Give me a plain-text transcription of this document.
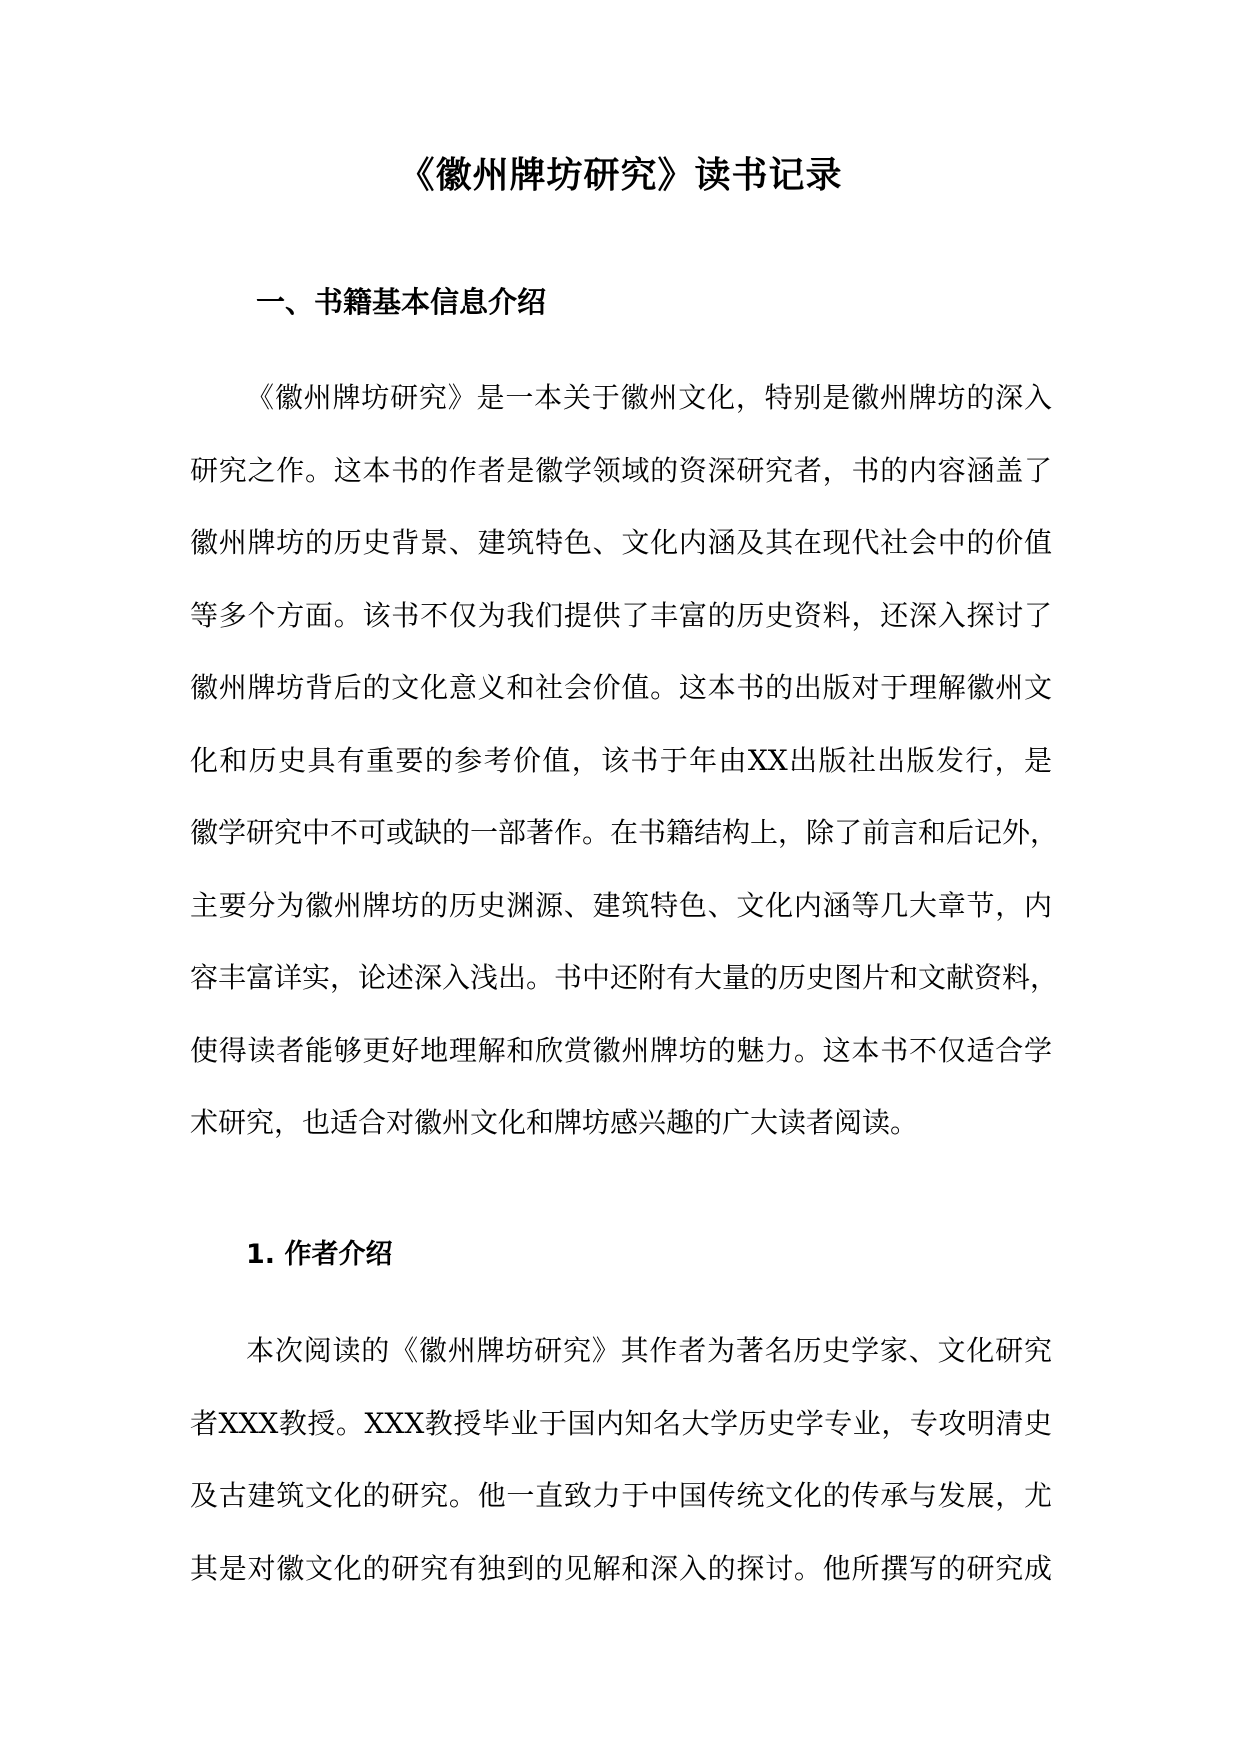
《徽州牌坊研究》读书记录
一、书籍基本信息介绍
《徽州牌坊研究》是一本关于徽州文化，特别是徽州牌坊的深入
研究之作。这本书的作者是徽学领域的资深研究者，书的内容涵盖了
徽州牌坊的历史背景、建筑特色、文化内涵及其在现代社会中的价值
等多个方面。该书不仅为我们提供了丰富的历史资料，还深入探讨了
徽州牌坊背后的文化意义和社会价值。这本书的出版对于理解徽州文
化和历史具有重要的参考价值，该书于年由XX出版社出版发行，是
徽学研究中不可或缺的一部著作。在书籍结构上，除了前言和后记外，
主要分为徽州牌坊的历史渊源、建筑特色、文化内涵等几大章节，内
容丰富详实，论述深入浅出。书中还附有大量的历史图片和文献资料，
使得读者能够更好地理解和欣赏徽州牌坊的魅力。这本书不仅适合学
术研究，也适合对徽州文化和牌坊感兴趣的广大读者阅读。
1. 作者介绍
本次阅读的《徽州牌坊研究》其作者为著名历史学家、文化研究
者XXX教授。XXX教授毕业于国内知名大学历史学专业，专攻明清史
及古建筑文化的研究。他一直致力于中国传统文化的传承与发展，尤
其是对徽文化的研究有独到的见解和深入的探讨。他所撰写的研究成
